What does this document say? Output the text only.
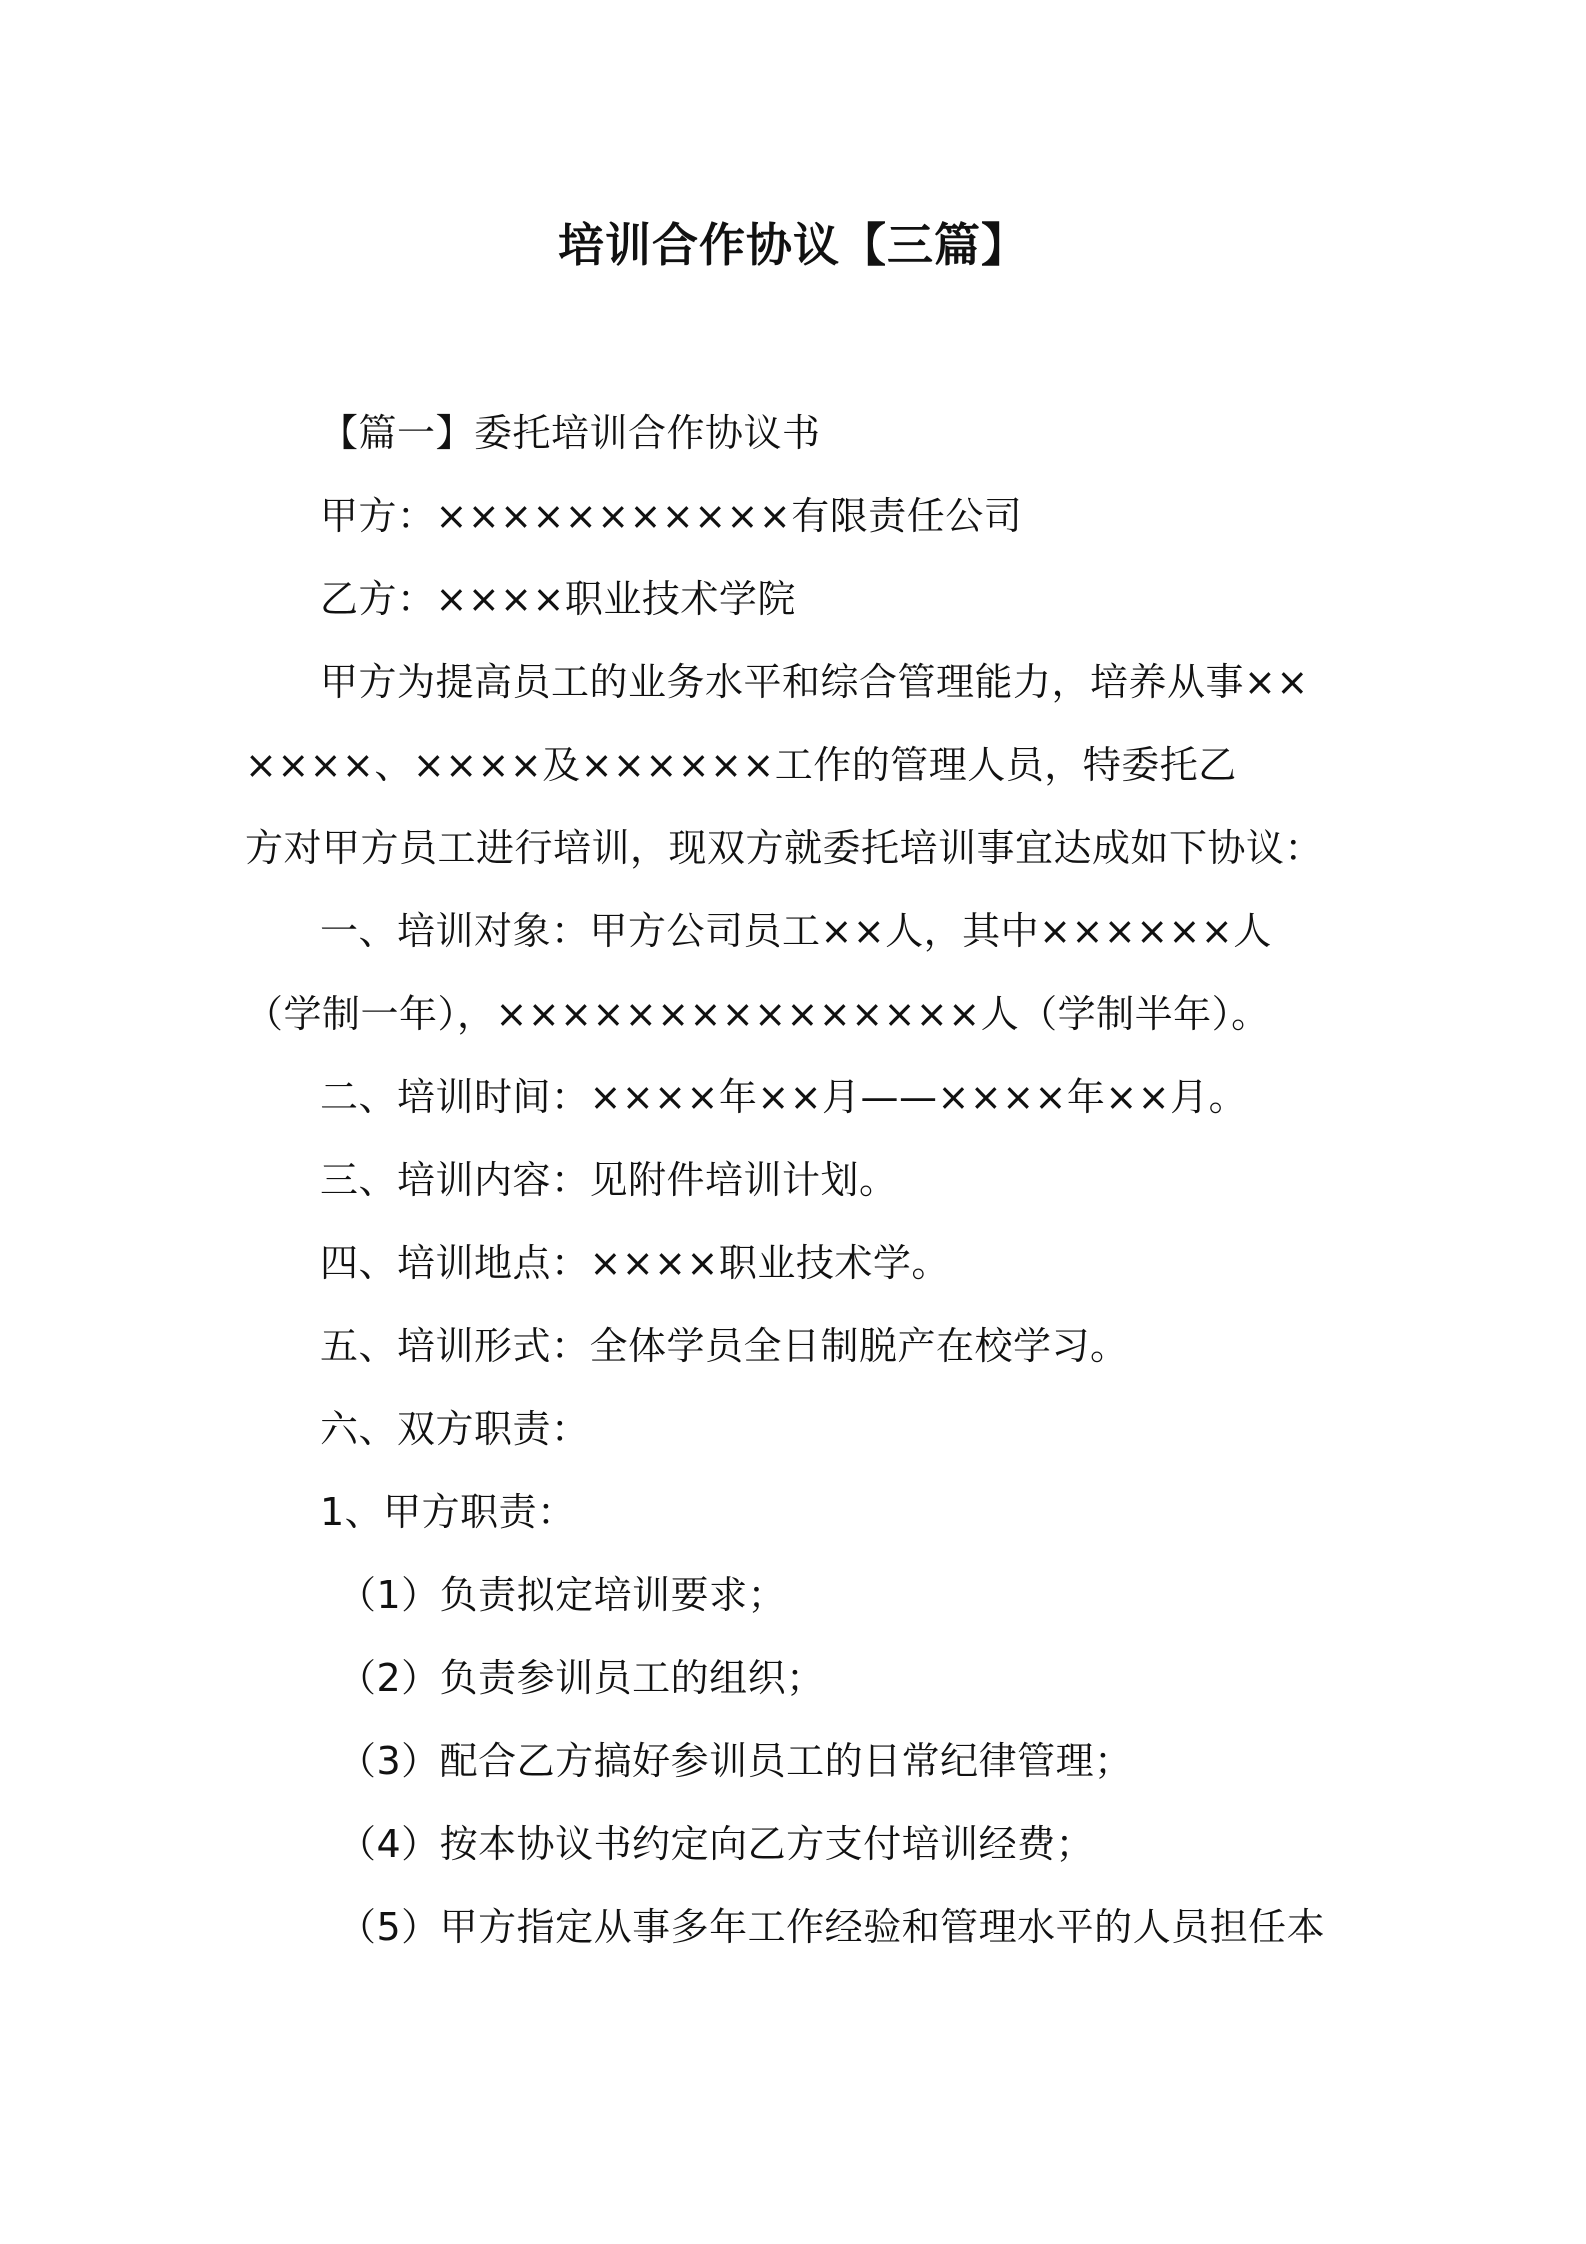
培训合作协议【三篇】
【篇一】委托培训合作协议书
甲方：×××××××××××有限责任公司
乙方：××××职业技术学院
甲方为提高员工的业务水平和综合管理能力，培养从事××
××××、××××及××××××工作的管理人员，特委托乙
方对甲方员工进行培训，现双方就委托培训事宜达成如下协议：
一、培训对象：甲方公司员工××人，其中××××××人
（学制一年），×××××××××××××××人（学制半年）。
二、培训时间：××××年××月——××××年××月。
三、培训内容：见附件培训计划。
四、培训地点：××××职业技术学。
五、培训形式：全体学员全日制脱产在校学习。
六、双方职责：
1、甲方职责：
（1）负责拟定培训要求；
（2）负责参训员工的组织；
（3）配合乙方搞好参训员工的日常纪律管理；
（4）按本协议书约定向乙方支付培训经费；
（5）甲方指定从事多年工作经验和管理水平的人员担任本
